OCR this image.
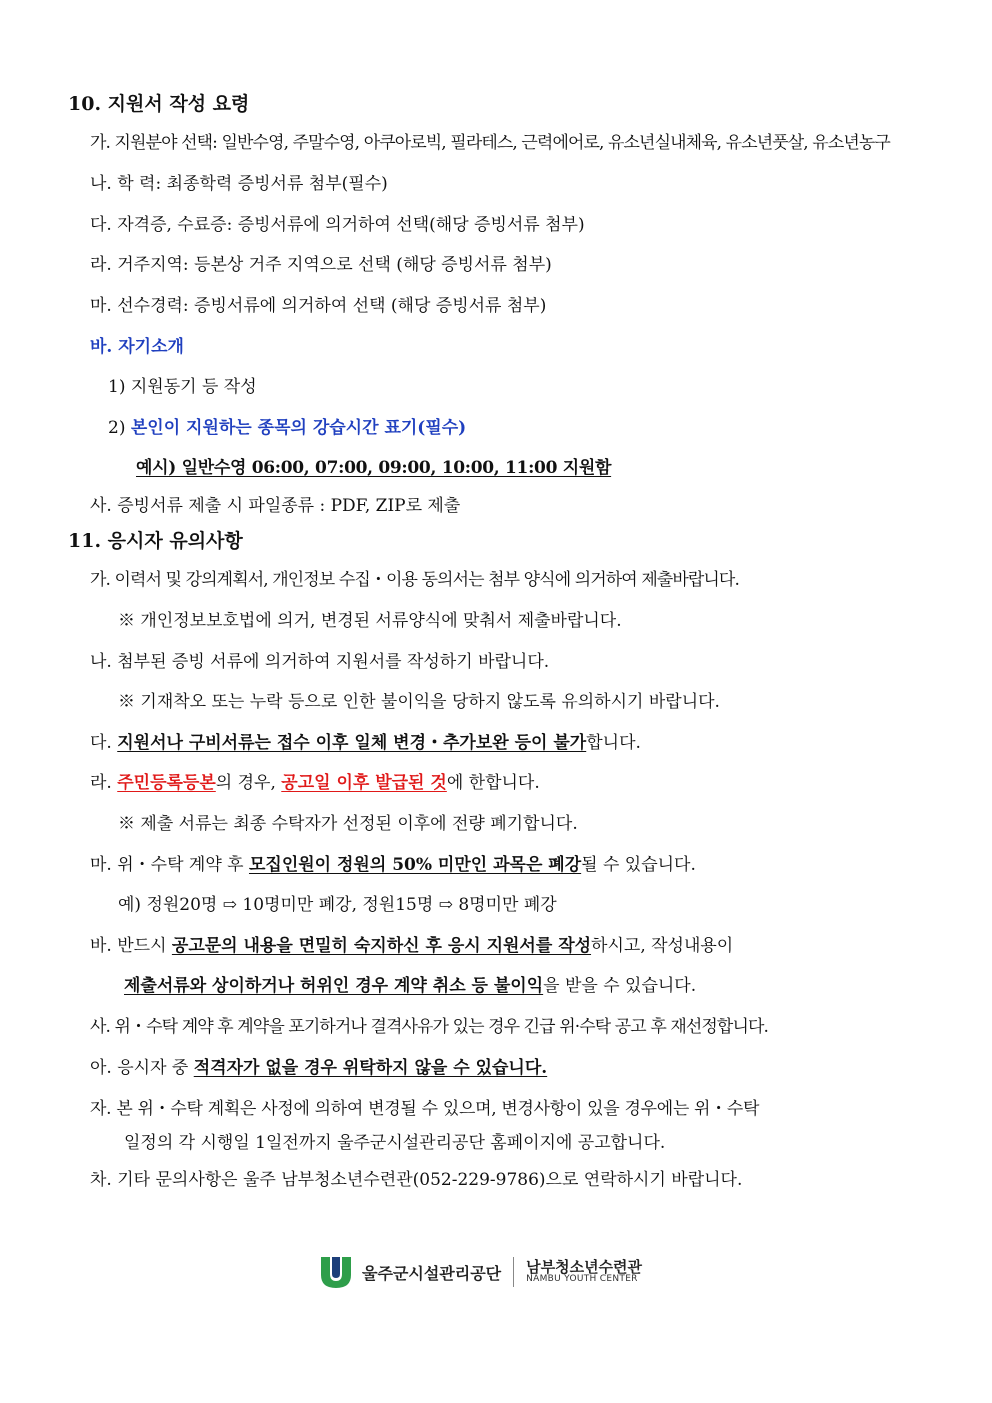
10. 지원서 작성 요령
가. 지원분야 선택: 일반수영, 주말수영, 아쿠아로빅, 필라테스, 근력에어로, 유소년실내체육, 유소년풋살, 유소년농구
나. 학 력: 최종학력 증빙서류 첨부(필수)
다. 자격증, 수료증: 증빙서류에 의거하여 선택(해당 증빙서류 첨부)
라. 거주지역: 등본상 거주 지역으로 선택 (해당 증빙서류 첨부)
마. 선수경력: 증빙서류에 의거하여 선택 (해당 증빙서류 첨부)
바. 자기소개
1) 지원동기 등 작성
2) 본인이 지원하는 종목의 강습시간 표기(필수)
예시) 일반수영 06:00, 07:00, 09:00, 10:00, 11:00 지원함
사. 증빙서류 제출 시 파일종류 : PDF, ZIP로 제출
11. 응시자 유의사항
가. 이력서 및 강의계획서, 개인정보 수집・이용 동의서는 첨부 양식에 의거하여 제출바랍니다.
※ 개인정보보호법에 의거, 변경된 서류양식에 맞춰서 제출바랍니다.
나. 첨부된 증빙 서류에 의거하여 지원서를 작성하기 바랍니다.
※ 기재착오 또는 누락 등으로 인한 불이익을 당하지 않도록 유의하시기 바랍니다.
다. 지원서나 구비서류는 접수 이후 일체 변경・추가보완 등이 불가합니다.
라. 주민등록등본의 경우, 공고일 이후 발급된 것에 한합니다.
※ 제출 서류는 최종 수탁자가 선정된 이후에 전량 폐기합니다.
마. 위・수탁 계약 후 모집인원이 정원의 50% 미만인 과목은 폐강될 수 있습니다.
예) 정원20명 ⇨ 10명미만 폐강, 정원15명 ⇨ 8명미만 폐강
바. 반드시 공고문의 내용을 면밀히 숙지하신 후 응시 지원서를 작성하시고, 작성내용이
제출서류와 상이하거나 허위인 경우 계약 취소 등 불이익을 받을 수 있습니다.
사. 위・수탁 계약 후 계약을 포기하거나 결격사유가 있는 경우 긴급 위·수탁 공고 후 재선정합니다.
아. 응시자 중 적격자가 없을 경우 위탁하지 않을 수 있습니다.
자. 본 위・수탁 계획은 사정에 의하여 변경될 수 있으며, 변경사항이 있을 경우에는 위・수탁
일정의 각 시행일 1일전까지 울주군시설관리공단 홈페이지에 공고합니다.
차. 기타 문의사항은 울주 남부청소년수련관(052-229-9786)으로 연락하시기 바랍니다.
울주군시설관리공단 남부청소년수련관
NAMBU YOUTH CENTER
